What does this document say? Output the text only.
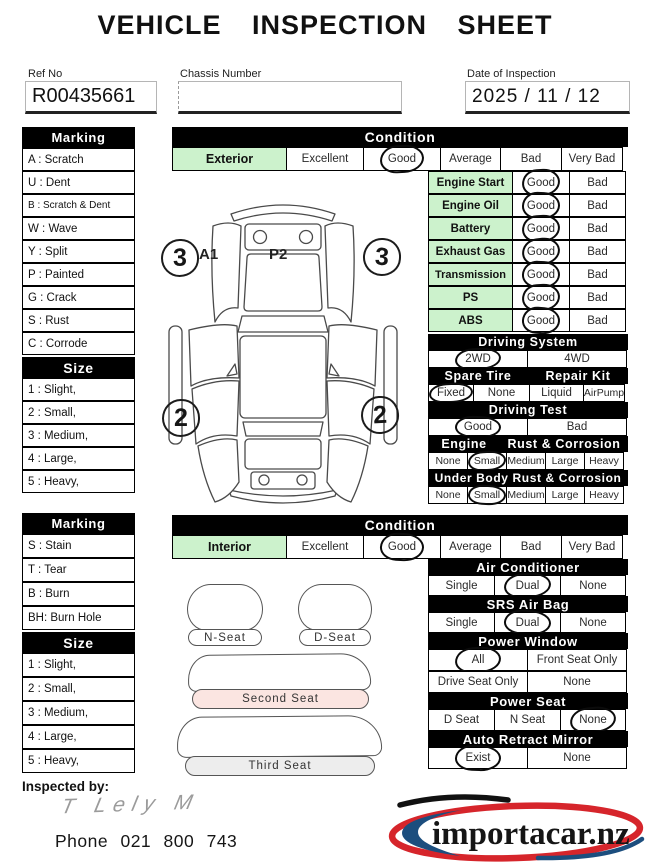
VEHICLE INSPECTION SHEET
Ref No
R00435661
Chassis Number	Date of Inspection
2025 / 11 / 12
Marking
A : Scratch
U : Dent
B : Scratch & Dent
W : Wave
Y : Split
P : Painted
G : Crack
S : Rust
C : Corrode
Size
1 : Slight,
2 : Small,
3 : Medium,
4 : Large,
5 : Heavy,
Condition
Exterior	Excellent	Good	Average	Bad Very Bad
Engine Start	Good	Bad
Engine Oil	Good	Bad
Battery	Good	Bad
Exhaust Gas	Good	Bad
Transmission	Good	Bad
PS	Good	Bad
ABS	Good	Bad
Driving System
2WD	4WD
Spare Tire	Repair Kit
Fixed None Liquid AirPump
Driving Test
Good	Bad
Engine	Rust & Corrosion
None Small Medium Large Heavy
Under Body Rust & Corrosion
None Small Medium Large Heavy
3	3
2	2
A1	P2
Marking
S : Stain
T : Tear
B : Burn
BH: Burn Hole
Size
1 : Slight,
2 : Small,
3 : Medium,
4 : Large,
5 : Heavy,
Condition
Interior	Excellent	Good	Average	Bad Very Bad
Air Conditioner
Single	Dual	None
SRS Air Bag
Single	Dual	None
Power Window
All	Front Seat Only
Drive Seat Only	None
Power Seat
D Seat	N Seat	None
Auto Retract Mirror
Exist	None
N-Seat	D-Seat
Second Seat
Third Seat
Inspected by:
T Lely M
Phone 021 800 743	importacar.nz
